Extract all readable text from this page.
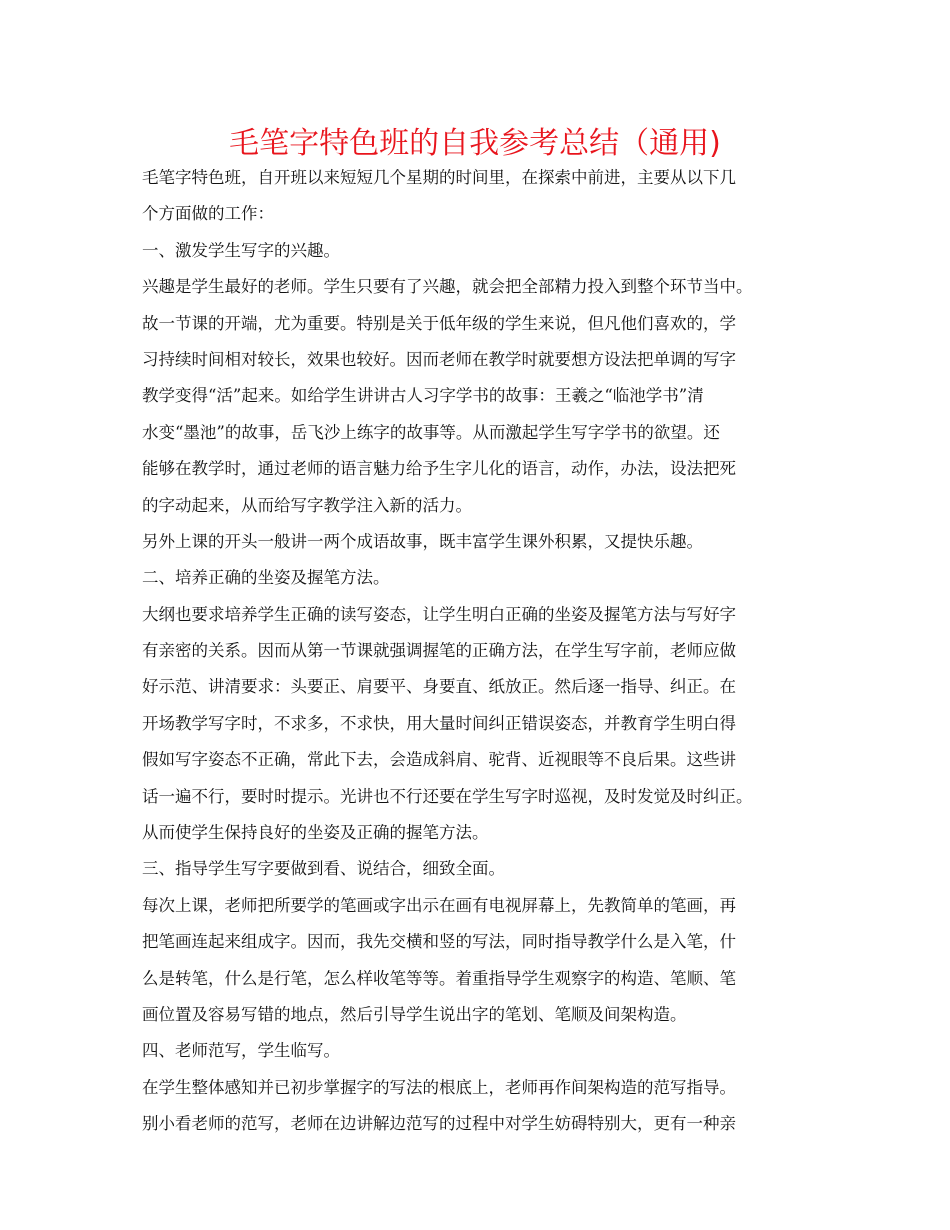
毛笔字特色班的自我参考总结（通用)
毛笔字特色班，自开班以来短短几个星期的时间里，在探索中前进，主要从以下几
个方面做的工作：
一、激发学生写字的兴趣。
兴趣是学生最好的老师。学生只要有了兴趣，就会把全部精力投入到整个环节当中。
故一节课的开端，尤为重要。特别是关于低年级的学生来说，但凡他们喜欢的，学
习持续时间相对较长，效果也较好。因而老师在教学时就要想方设法把单调的写字
教学变得“活”起来。如给学生讲讲古人习字学书的故事：王羲之“临池学书”清
水变“墨池”的故事，岳飞沙上练字的故事等。从而激起学生写字学书的欲望。还
能够在教学时，通过老师的语言魅力给予生字儿化的语言，动作，办法，设法把死
的字动起来，从而给写字教学注入新的活力。
另外上课的开头一般讲一两个成语故事，既丰富学生课外积累，又提快乐趣。
二、培养正确的坐姿及握笔方法。
大纲也要求培养学生正确的读写姿态，让学生明白正确的坐姿及握笔方法与写好字
有亲密的关系。因而从第一节课就强调握笔的正确方法，在学生写字前，老师应做
好示范、讲清要求：头要正、肩要平、身要直、纸放正。然后逐一指导、纠正。在
开场教学写字时，不求多，不求快，用大量时间纠正错误姿态，并教育学生明白得
假如写字姿态不正确，常此下去，会造成斜肩、驼背、近视眼等不良后果。这些讲
话一遍不行，要时时提示。光讲也不行还要在学生写字时巡视，及时发觉及时纠正。
从而使学生保持良好的坐姿及正确的握笔方法。
三、指导学生写字要做到看、说结合，细致全面。
每次上课，老师把所要学的笔画或字出示在画有电视屏幕上，先教简单的笔画，再
把笔画连起来组成字。因而，我先交横和竖的写法，同时指导教学什么是入笔，什
么是转笔，什么是行笔，怎么样收笔等等。着重指导学生观察字的构造、笔顺、笔
画位置及容易写错的地点，然后引导学生说出字的笔划、笔顺及间架构造。
四、老师范写，学生临写。
在学生整体感知并已初步掌握字的写法的根底上，老师再作间架构造的范写指导。
别小看老师的范写，老师在边讲解边范写的过程中对学生妨碍特别大，更有一种亲
